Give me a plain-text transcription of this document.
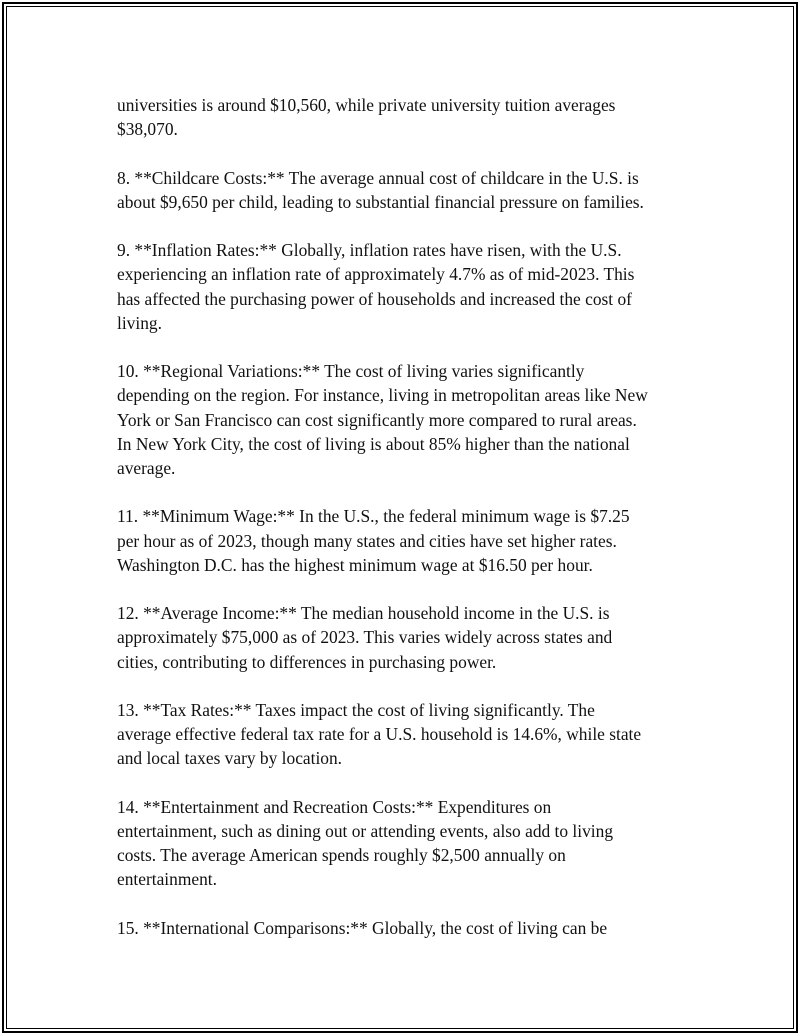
universities is around $10,560, while private university tuition averages
$38,070.

8. **Childcare Costs:** The average annual cost of childcare in the U.S. is
about $9,650 per child, leading to substantial financial pressure on families.

9. **Inflation Rates:** Globally, inflation rates have risen, with the U.S.
experiencing an inflation rate of approximately 4.7% as of mid-2023. This
has affected the purchasing power of households and increased the cost of
living.

10. **Regional Variations:** The cost of living varies significantly
depending on the region. For instance, living in metropolitan areas like New
York or San Francisco can cost significantly more compared to rural areas.
In New York City, the cost of living is about 85% higher than the national
average.

11. **Minimum Wage:** In the U.S., the federal minimum wage is $7.25
per hour as of 2023, though many states and cities have set higher rates.
Washington D.C. has the highest minimum wage at $16.50 per hour.

12. **Average Income:** The median household income in the U.S. is
approximately $75,000 as of 2023. This varies widely across states and
cities, contributing to differences in purchasing power.

13. **Tax Rates:** Taxes impact the cost of living significantly. The
average effective federal tax rate for a U.S. household is 14.6%, while state
and local taxes vary by location.

14. **Entertainment and Recreation Costs:** Expenditures on
entertainment, such as dining out or attending events, also add to living
costs. The average American spends roughly $2,500 annually on
entertainment.

15. **International Comparisons:** Globally, the cost of living can be
